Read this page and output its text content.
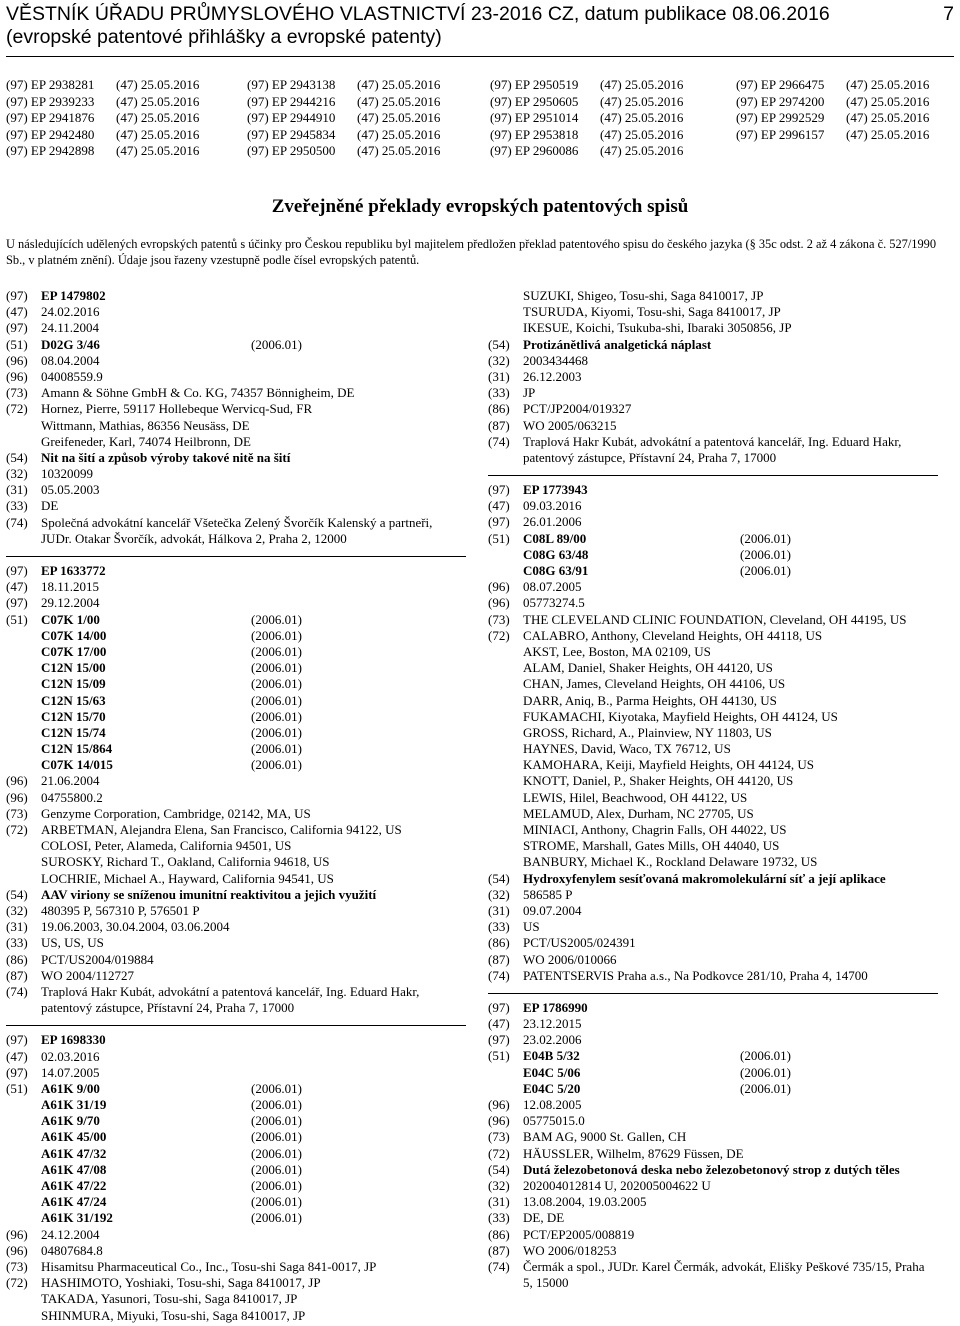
VĚSTNÍK ÚŘADU PRŮMYSLOVÉHO VLASTNICTVÍ 23-2016 CZ, datum publikace 08.06.2016
(evropské patentové přihlášky a evropské patenty)
7
(97) EP 2938281 (47) 25.05.2016
(97) EP 2939233 (47) 25.05.2016
(97) EP 2941876 (47) 25.05.2016
(97) EP 2942480 (47) 25.05.2016
(97) EP 2942898 (47) 25.05.2016
(97) EP 2943138 (47) 25.05.2016
(97) EP 2944216 (47) 25.05.2016
(97) EP 2944910 (47) 25.05.2016
(97) EP 2945834 (47) 25.05.2016
(97) EP 2950500 (47) 25.05.2016
(97) EP 2950519 (47) 25.05.2016
(97) EP 2950605 (47) 25.05.2016
(97) EP 2951014 (47) 25.05.2016
(97) EP 2953818 (47) 25.05.2016
(97) EP 2960086 (47) 25.05.2016
(97) EP 2966475 (47) 25.05.2016
(97) EP 2974200 (47) 25.05.2016
(97) EP 2992529 (47) 25.05.2016
(97) EP 2996157 (47) 25.05.2016
Zveřejněné překlady evropských patentových spisů
U následujících udělených evropských patentů s účinky pro Českou republiku byl majitelem předložen překlad patentového spisu do českého jazyka (§ 35c odst. 2 až 4 zákona č. 527/1990 Sb., v platném znění). Údaje jsou řazeny vzestupně podle čísel evropských patentů.
(97) EP 1479802
(47) 24.02.2016
(97) 24.11.2004
(51) D02G 3/46	(2006.01)
(96) 08.04.2004
(96) 04008559.9
(73) Amann & Söhne GmbH & Co. KG, 74357 Bönnigheim, DE
(72) Hornez, Pierre, 59117 Hollebeque Wervicq-Sud, FR
Wittmann, Mathias, 86356 Neusäss, DE
Greifeneder, Karl, 74074 Heilbronn, DE
(54) Nit na šití a způsob výroby takové nitě na šití
(32) 10320099
(31) 05.05.2003
(33) DE
(74) Společná advokátní kancelář Všetečka Zelený Švorčík Kalenský a partneři, JUDr. Otakar Švorčík, advokát, Hálkova 2, Praha 2, 12000
(97) EP 1633772
(47) 18.11.2015
(97) 29.12.2004
(51) C07K 1/00	(2006.01)
C07K 14/00	(2006.01)
C07K 17/00	(2006.01)
C12N 15/00	(2006.01)
C12N 15/09	(2006.01)
C12N 15/63	(2006.01)
C12N 15/70	(2006.01)
C12N 15/74	(2006.01)
C12N 15/864	(2006.01)
C07K 14/015	(2006.01)
(96) 21.06.2004
(96) 04755800.2
(73) Genzyme Corporation, Cambridge, 02142, MA, US
(72) ARBETMAN, Alejandra Elena, San Francisco, California 94122, US
COLOSI, Peter, Alameda, California 94501, US
SUROSKY, Richard T., Oakland, California 94618, US
LOCHRIE, Michael A., Hayward, California 94541, US
(54) AAV viriony se sníženou imunitní reaktivitou a jejich využití
(32) 480395 P, 567310 P, 576501 P
(31) 19.06.2003, 30.04.2004, 03.06.2004
(33) US, US, US
(86) PCT/US2004/019884
(87) WO 2004/112727
(74) Traplová Hakr Kubát, advokátní a patentová kancelář, Ing. Eduard Hakr, patentový zástupce, Přístavní 24, Praha 7, 17000
(97) EP 1698330
(47) 02.03.2016
(97) 14.07.2005
(51) A61K 9/00	(2006.01)
A61K 31/19	(2006.01)
A61K 9/70	(2006.01)
A61K 45/00	(2006.01)
A61K 47/32	(2006.01)
A61K 47/08	(2006.01)
A61K 47/22	(2006.01)
A61K 47/24	(2006.01)
A61K 31/192	(2006.01)
(96) 24.12.2004
(96) 04807684.8
(73) Hisamitsu Pharmaceutical Co., Inc., Tosu-shi Saga 841-0017, JP
(72) HASHIMOTO, Yoshiaki, Tosu-shi, Saga 8410017, JP
TAKADA, Yasunori, Tosu-shi, Saga 8410017, JP
SHINMURA, Miyuki, Tosu-shi, Saga 8410017, JP
SUZUKI, Shigeo, Tosu-shi, Saga 8410017, JP
TSURUDA, Kiyomi, Tosu-shi, Saga 8410017, JP
IKESUE, Koichi, Tsukuba-shi, Ibaraki 3050856, JP
(54) Protizánětlivá analgetická náplast
(32) 2003434468
(31) 26.12.2003
(33) JP
(86) PCT/JP2004/019327
(87) WO 2005/063215
(74) Traplová Hakr Kubát, advokátní a patentová kancelář, Ing. Eduard Hakr, patentový zástupce, Přístavní 24, Praha 7, 17000
(97) EP 1773943
(47) 09.03.2016
(97) 26.01.2006
(51) C08L 89/00	(2006.01)
C08G 63/48	(2006.01)
C08G 63/91	(2006.01)
(96) 08.07.2005
(96) 05773274.5
(73) THE CLEVELAND CLINIC FOUNDATION, Cleveland, OH 44195, US
(72) CALABRO, Anthony, Cleveland Heights, OH 44118, US
AKST, Lee, Boston, MA 02109, US
ALAM, Daniel, Shaker Heights, OH 44120, US
CHAN, James, Cleveland Heights, OH 44106, US
DARR, Aniq, B., Parma Heights, OH 44130, US
FUKAMACHI, Kiyotaka, Mayfield Heights, OH 44124, US
GROSS, Richard, A., Plainview, NY 11803, US
HAYNES, David, Waco, TX 76712, US
KAMOHARA, Keiji, Mayfield Heights, OH 44124, US
KNOTT, Daniel, P., Shaker Heights, OH 44120, US
LEWIS, Hilel, Beachwood, OH 44122, US
MELAMUD, Alex, Durham, NC 27705, US
MINIACI, Anthony, Chagrin Falls, OH 44022, US
STROME, Marshall, Gates Mills, OH 44040, US
BANBURY, Michael K., Rockland Delaware 19732, US
(54) Hydroxyfenylem sesíťovaná makromolekulární síť a její aplikace
(32) 586585 P
(31) 09.07.2004
(33) US
(86) PCT/US2005/024391
(87) WO 2006/010066
(74) PATENTSERVIS Praha a.s., Na Podkovce 281/10, Praha 4, 14700
(97) EP 1786990
(47) 23.12.2015
(97) 23.02.2006
(51) E04B 5/32	(2006.01)
E04C 5/06	(2006.01)
E04C 5/20	(2006.01)
(96) 12.08.2005
(96) 05775015.0
(73) BAM AG, 9000 St. Gallen, CH
(72) HÄUSSLER, Wilhelm, 87629 Füssen, DE
(54) Dutá železobetonová deska nebo železobetonový strop z dutých těles
(32) 202004012814 U, 202005004622 U
(31) 13.08.2004, 19.03.2005
(33) DE, DE
(86) PCT/EP2005/008819
(87) WO 2006/018253
(74) Čermák a spol., JUDr. Karel Čermák, advokát, Elišky Peškové 735/15, Praha 5, 15000
